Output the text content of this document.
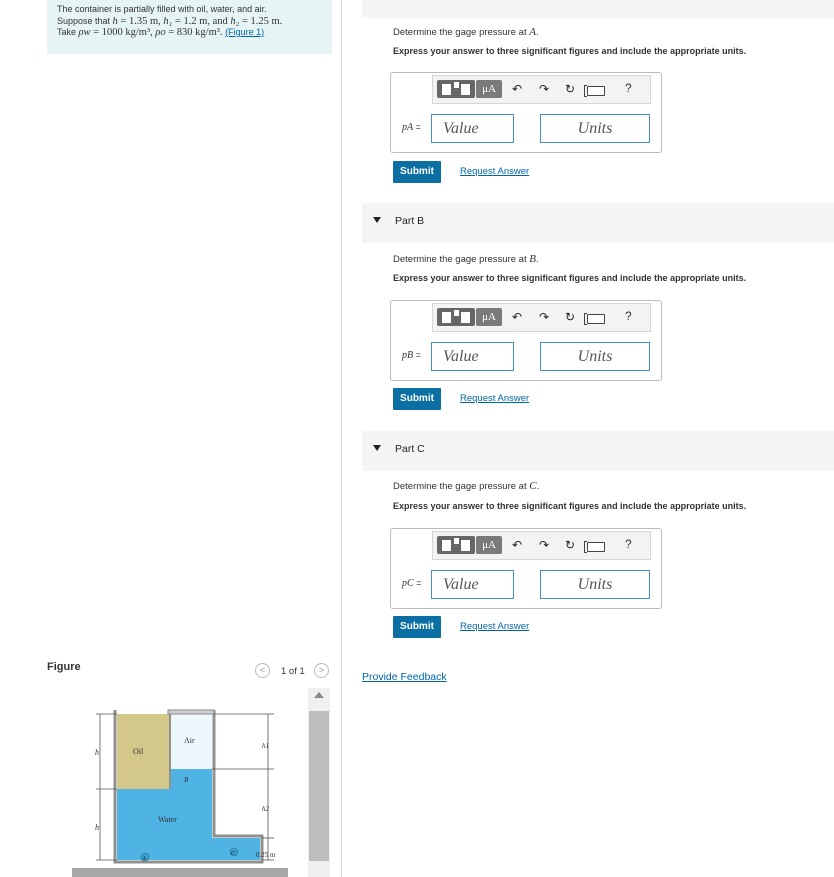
The container is partially filled with oil, water, and air.
Suppose that h = 1.35 m, h₁ = 1.2 m, and h₂ = 1.25 m.
Take ρw = 1000 kg/m³, ρo = 830 kg/m³. (Figure 1)	Determine the gage pressure at A.
Express your answer to three significant figures and include the appropriate units.
μA	↶ ↷ ↻	?
pA =	Value	Units
Submit	Request Answer
Part B
Determine the gage pressure at B.
Express your answer to three significant figures and include the appropriate units.
μA	↶ ↷ ↻	?
pB =	Value	Units
Submit	Request Answer
Part C
Determine the gage pressure at C.
Express your answer to three significant figures and include the appropriate units.
μA	↶ ↷ ↻	?
pC =	Value	Units
Submit	Request Answer
Provide Feedback
Figure	<	1 of 1	>
h
h
Oil
Air
Water
B
A
C
h1
h2
0.25 m
